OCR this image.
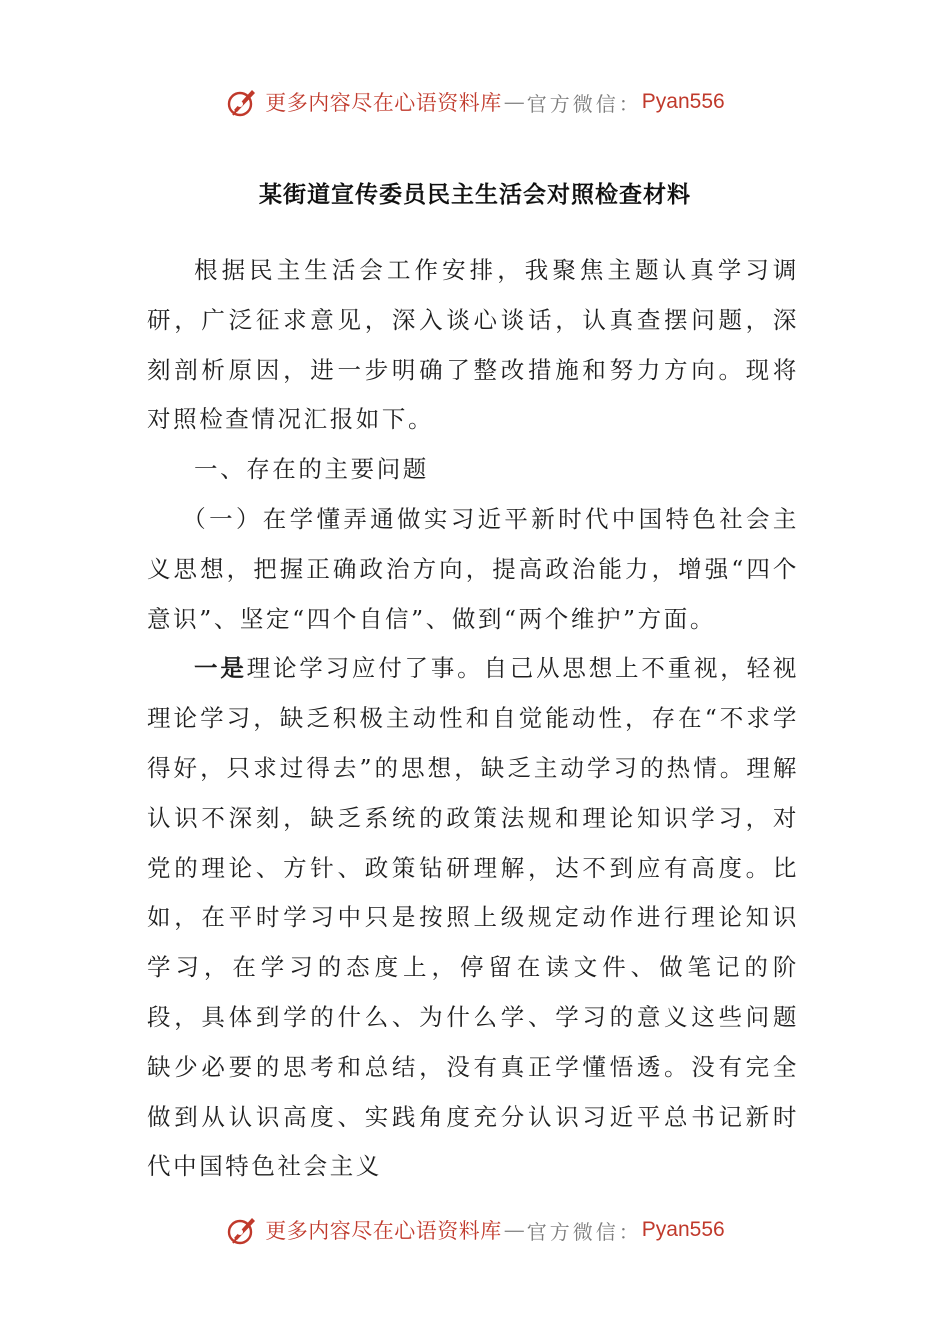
更多内容尽在心语资料库 — 官方微信： Pyan556
某街道宣传委员民主生活会对照检查材料

根据民主生活会工作安排，我聚焦主题认真学习调研，广泛征求意见，深入谈心谈话，认真查摆问题，深刻剖析原因，进一步明确了整改措施和努力方向。现将对照检查情况汇报如下。

一、存在的主要问题

（一）在学懂弄通做实习近平新时代中国特色社会主义思想，把握正确政治方向，提高政治能力，增强“四个意识”、坚定“四个自信”、做到“两个维护”方面。

一是理论学习应付了事。自己从思想上不重视，轻视理论学习，缺乏积极主动性和自觉能动性，存在“不求学得好，只求过得去”的思想，缺乏主动学习的热情。理解认识不深刻，缺乏系统的政策法规和理论知识学习，对党的理论、方针、政策钻研理解，达不到应有高度。比如，在平时学习中只是按照上级规定动作进行理论知识学习，在学习的态度上，停留在读文件、做笔记的阶段，具体到学的什么、为什么学、学习的意义这些问题缺少必要的思考和总结，没有真正学懂悟透。没有完全做到从认识高度、实践角度充分认识习近平总书记新时代中国特色社会主义

更多内容尽在心语资料库 — 官方微信： Pyan556
